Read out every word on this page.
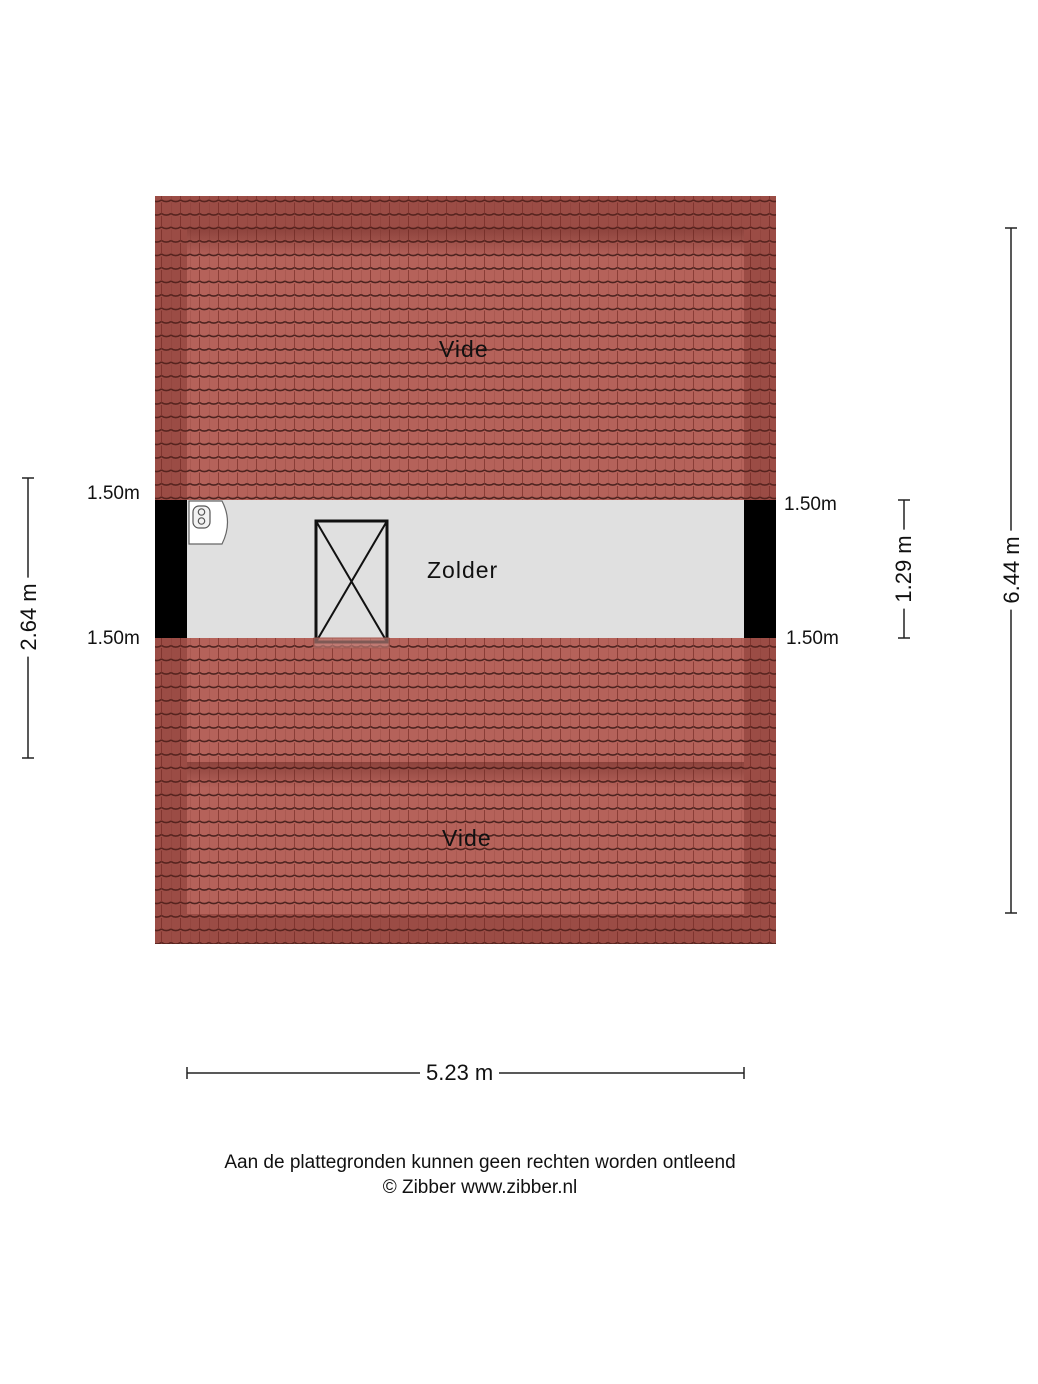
Vide
Zolder
Vide
1.50m
1.50m
1.50m
1.50m
5.23 m
6.44 m
1.29 m
2.64 m
Aan de plattegronden kunnen geen rechten worden ontleend
© Zibber www.zibber.nl
